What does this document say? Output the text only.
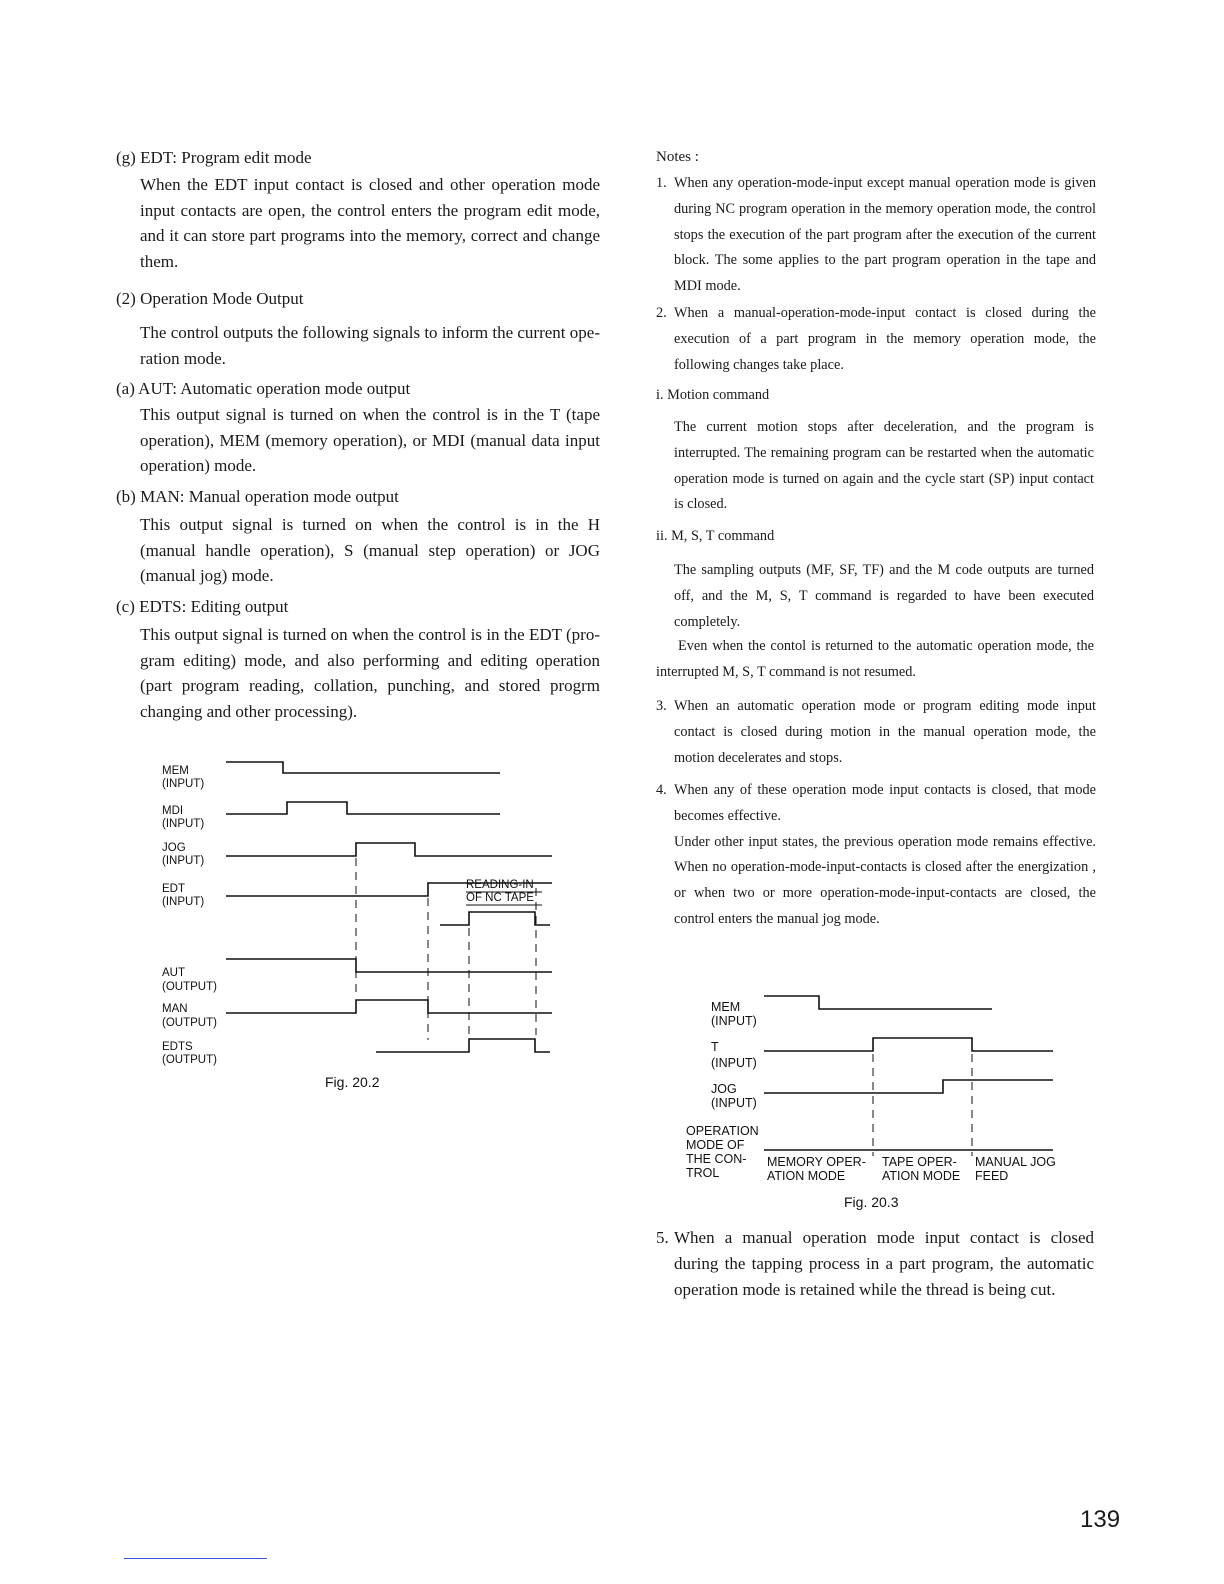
(g) EDT: Program edit mode
When the EDT input contact is closed and other operation mode input contacts are open, the control enters the program edit mode, and it can store part programs into the memory, correct and change them.
(2) Operation Mode Output
The control outputs the following signals to inform the current ope-ration mode.
(a) AUT: Automatic operation mode output
This output signal is turned on when the control is in the T (tape operation), MEM (memory operation), or MDI (manual data input operation) mode.
(b) MAN: Manual operation mode output
This output signal is turned on when the control is in the H (manual handle operation), S (manual step operation) or JOG (manual jog) mode.
(c) EDTS: Editing output
This output signal is turned on when the control is in the EDT (pro-gram editing) mode, and also performing and editing operation (part program reading, collation, punching, and stored progrm changing and other processing).
MEM
(INPUT)
MDI
(INPUT)
JOG
(INPUT)
EDT
(INPUT)
AUT
(OUTPUT)
MAN
(OUTPUT)
EDTS
(OUTPUT)
READING-IN
OF NC TAPE
Fig. 20.2
Notes :
1. When any operation-mode-input except manual operation mode is given during NC program operation in the memory operation mode, the control stops the execution of the part program after the execution of the current block. The some applies to the part program operation in the tape and MDI mode.
2. When a manual-operation-mode-input contact is closed during the execution of a part program in the memory operation mode, the following changes take place.
i. Motion command
The current motion stops after deceleration, and the program is interrupted. The remaining program can be restarted when the automatic operation mode is turned on again and the cycle start (SP) input contact is closed.
ii. M, S, T command
The sampling outputs (MF, SF, TF) and the M code outputs are turned off, and the M, S, T command is regarded to have been executed completely.
Even when the contol is returned to the automatic operation mode, the interrupted M, S, T command is not resumed.
3. When an automatic operation mode or program editing mode input contact is closed during motion in the manual operation mode, the motion decelerates and stops.
4. When any of these operation mode input contacts is closed, that mode becomes effective.
Under other input states, the previous operation mode remains effective. When no operation-mode-input-contacts is closed after the energization , or when two or more operation-mode-input-contacts are closed, the control enters the manual jog mode.
MEM
(INPUT)
T
(INPUT)
JOG
(INPUT)
OPERATION
MODE OF
THE CON-
TROL
MEMORY OPER-
ATION MODE
TAPE OPER-
ATION MODE
MANUAL JOG
FEED
Fig. 20.3
5. When a manual operation mode input contact is closed during the tapping process in a part program, the automatic operation mode is retained while the thread is being cut.
139
